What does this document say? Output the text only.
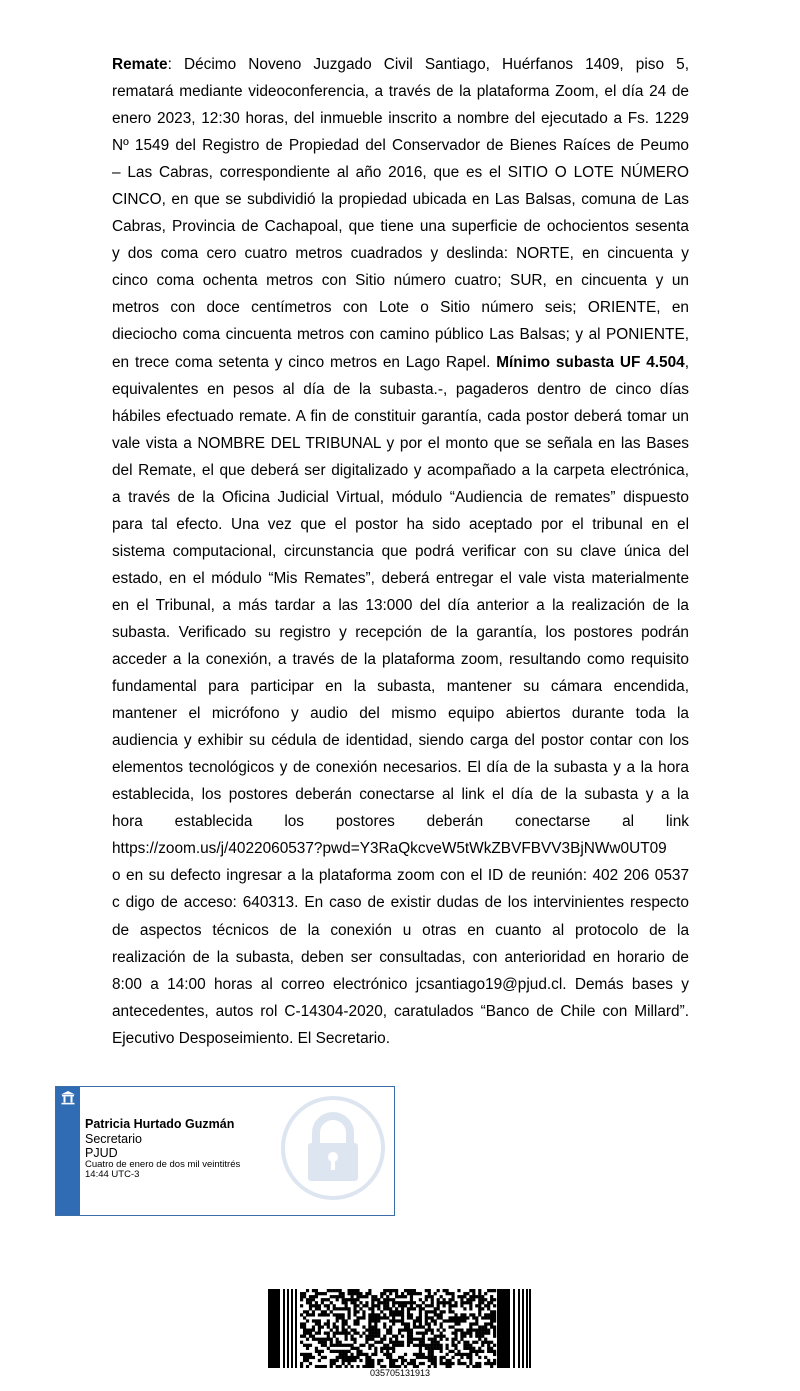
Remate: Décimo Noveno Juzgado Civil Santiago, Huérfanos 1409, piso 5,
rematará mediante videoconferencia, a través de la plataforma Zoom, el día 24 de
enero 2023, 12:30 horas, del inmueble inscrito a nombre del ejecutado a Fs. 1229
Nº 1549 del Registro de Propiedad del Conservador de Bienes Raíces de Peumo
– Las Cabras, correspondiente al año 2016, que es el SITIO O LOTE NÚMERO
CINCO, en que se subdividió la propiedad ubicada en Las Balsas, comuna de Las
Cabras, Provincia de Cachapoal, que tiene una superficie de ochocientos sesenta
y dos coma cero cuatro metros cuadrados y deslinda: NORTE, en cincuenta y
cinco coma ochenta metros con Sitio número cuatro; SUR, en cincuenta y un
metros con doce centímetros con Lote o Sitio número seis; ORIENTE, en
dieciocho coma cincuenta metros con camino público Las Balsas; y al PONIENTE,
en trece coma setenta y cinco metros en Lago Rapel. Mínimo subasta UF 4.504,
equivalentes en pesos al día de la subasta.-, pagaderos dentro de cinco días
hábiles efectuado remate. A fin de constituir garantía, cada postor deberá tomar un
vale vista a NOMBRE DEL TRIBUNAL y por el monto que se señala en las Bases
del Remate, el que deberá ser digitalizado y acompañado a la carpeta electrónica,
a través de la Oficina Judicial Virtual, módulo “Audiencia de remates” dispuesto
para tal efecto. Una vez que el postor ha sido aceptado por el tribunal en el
sistema computacional, circunstancia que podrá verificar con su clave única del
estado, en el módulo “Mis Remates”, deberá entregar el vale vista materialmente
en el Tribunal, a más tardar a las 13:000 del día anterior a la realización de la
subasta. Verificado su registro y recepción de la garantía, los postores podrán
acceder a la conexión, a través de la plataforma zoom, resultando como requisito
fundamental para participar en la subasta, mantener su cámara encendida,
mantener el micrófono y audio del mismo equipo abiertos durante toda la
audiencia y exhibir su cédula de identidad, siendo carga del postor contar con los
elementos tecnológicos y de conexión necesarios. El día de la subasta y a la hora
establecida, los postores deberán conectarse al link el día de la subasta y a la
hora establecida los postores deberán conectarse al link
https://zoom.us/j/4022060537?pwd=Y3RaQkcveW5tWkZBVFBVV3BjNWw0UT09
o en su defecto ingresar a la plataforma zoom con el ID de reunión: 402 206 0537
c digo de acceso: 640313. En caso de existir dudas de los intervinientes respecto
de aspectos técnicos de la conexión u otras en cuanto al protocolo de la
realización de la subasta, deben ser consultadas, con anterioridad en horario de
8:00 a 14:00 horas al correo electrónico jcsantiago19@pjud.cl. Demás bases y
antecedentes, autos rol C-14304-2020, caratulados “Banco de Chile con Millard”.
Ejecutivo Desposeimiento. El Secretario.
Patricia Hurtado Guzmán
Secretario
PJUD
Cuatro de enero de dos mil veintitrés
14:44 UTC-3
035705131913
